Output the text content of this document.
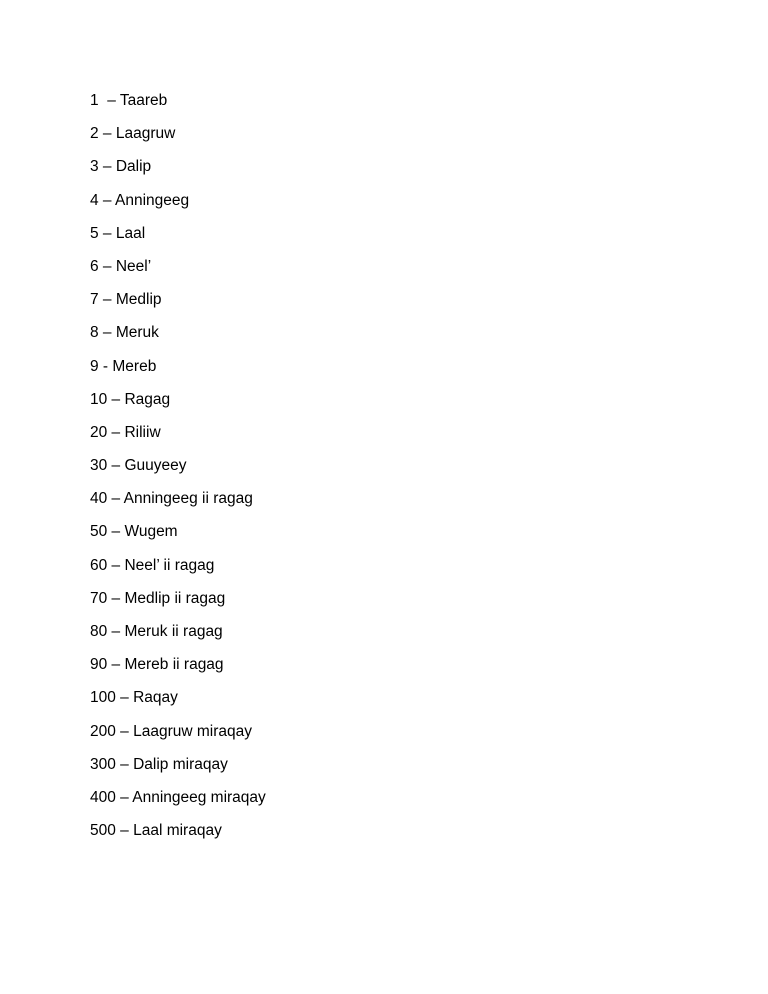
1  – Taareb
2 – Laagruw
3 – Dalip
4 – Anningeeg
5 – Laal
6 – Neel’
7 – Medlip
8 – Meruk
9 - Mereb
10 – Ragag
20 – Riliiw
30 – Guuyeey
40 – Anningeeg ii ragag
50 – Wugem
60 – Neel’ ii ragag
70 – Medlip ii ragag
80 – Meruk ii ragag
90 – Mereb ii ragag
100 – Raqay
200 – Laagruw miraqay
300 – Dalip miraqay
400 – Anningeeg miraqay
500 – Laal miraqay
